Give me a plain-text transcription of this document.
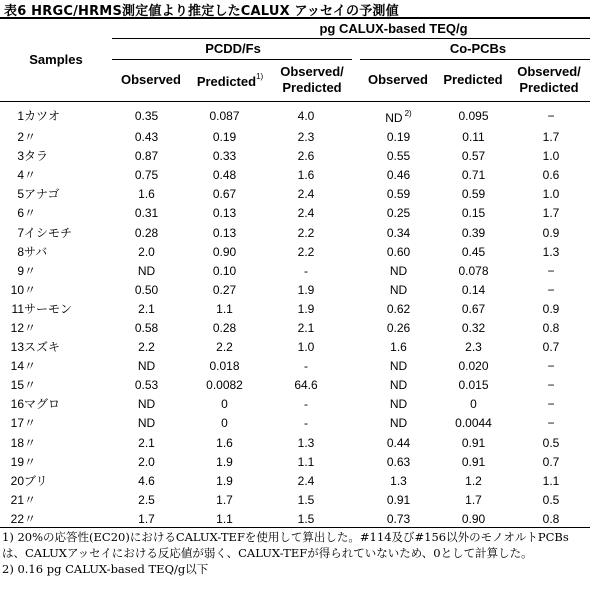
表6 HRGC/HRMS測定値より推定したCALUX アッセイの予測値
pg CALUX-based TEQ/g
Samples
PCDD/Fs	Co-PCBs
Observed	Predicted$^{1)}$	Observed/
Predicted
Observed	Predicted
Observed/
Predicted
1	カツオ	0.35	0.087	4.0		ND $^{2)}$	0.095	−
2	〃	0.43	0.19	2.3		0.19	0.11	1.7
3	タラ	0.87	0.33	2.6		0.55	0.57	1.0
4	〃	0.75	0.48	1.6		0.46	0.71	0.6
5	アナゴ	1.6	0.67	2.4		0.59	0.59	1.0
6	〃	0.31	0.13	2.4		0.25	0.15	1.7
7	イシモチ	0.28	0.13	2.2		0.34	0.39	0.9
8	サバ	2.0	0.90	2.2		0.60	0.45	1.3
9	〃	ND	0.10	-		ND	0.078	−
10	〃	0.50	0.27	1.9		ND	0.14	−
11	サーモン	2.1	1.1	1.9		0.62	0.67	0.9
12	〃	0.58	0.28	2.1		0.26	0.32	0.8
13	スズキ	2.2	2.2	1.0		1.6	2.3	0.7
14	〃	ND	0.018	-		ND	0.020	−
15	〃	0.53	0.0082	64.6		ND	0.015	−
16	マグロ	ND	0	-		ND	0	−
17	〃	ND	0	-		ND	0.0044	−
18	〃	2.1	1.6	1.3		0.44	0.91	0.5
19	〃	2.0	1.9	1.1		0.63	0.91	0.7
20	ブリ	4.6	1.9	2.4		1.3	1.2	1.1
21	〃	2.5	1.7	1.5		0.91	1.7	0.5
22	〃	1.7	1.1	1.5		0.73	0.90	0.8
1) 20%の応答性(EC20)におけるCALUX-TEFを使用して算出した。#114及び#156以外のモノオルトPCBsは、CALUXアッセイにおける反応値が弱く、CALUX-TEFが得られていないため、0として計算した。
2) 0.16 pg CALUX-based TEQ/g以下
